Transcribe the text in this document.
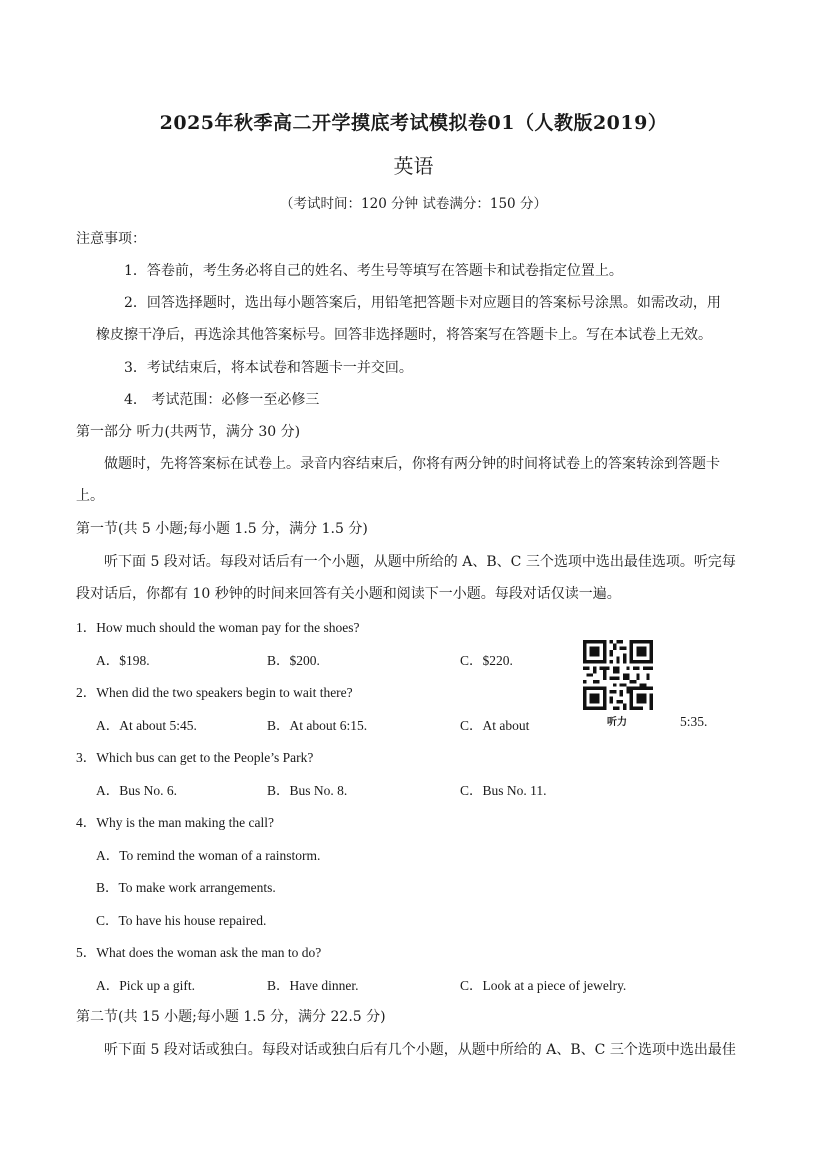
2025年秋季高二开学摸底考试模拟卷01（人教版2019）
英语
（考试时间：120 分钟 试卷满分：150 分）
注意事项：
1．答卷前，考生务必将自己的姓名、考生号等填写在答题卡和试卷指定位置上。
2．回答选择题时，选出每小题答案后，用铅笔把答题卡对应题目的答案标号涂黑。如需改动，用
橡皮擦干净后，再选涂其他答案标号。回答非选择题时，将答案写在答题卡上。写在本试卷上无效。
3．考试结束后，将本试卷和答题卡一并交回。
4． 考试范围：必修一至必修三
第一部分 听力(共两节，满分 30 分)
做题时，先将答案标在试卷上。录音内容结束后，你将有两分钟的时间将试卷上的答案转涂到答题卡
上。
第一节(共 5 小题;每小题 1.5 分，满分 1.5 分)
听下面 5 段对话。每段对话后有一个小题，从题中所给的 A、B、C 三个选项中选出最佳选项。听完每
段对话后，你都有 10 秒钟的时间来回答有关小题和阅读下一小题。每段对话仅读一遍。
1．How much should the woman pay for the shoes?
A．$198.	B．$200.	C．$220.
2．When did the two speakers begin to wait there?
A．At about 5:45.	B．At about 6:15.	C．At about	5:35.
听力
3．Which bus can get to the People’s Park?
A．Bus No. 6.	B．Bus No. 8.	C．Bus No. 11.
4．Why is the man making the call?
A．To remind the woman of a rainstorm.
B．To make work arrangements.
C．To have his house repaired.
5．What does the woman ask the man to do?
A．Pick up a gift.	B．Have dinner.	C．Look at a piece of jewelry.
第二节(共 15 小题;每小题 1.5 分，满分 22.5 分)
听下面 5 段对话或独白。每段对话或独白后有几个小题，从题中所给的 A、B、C 三个选项中选出最佳
